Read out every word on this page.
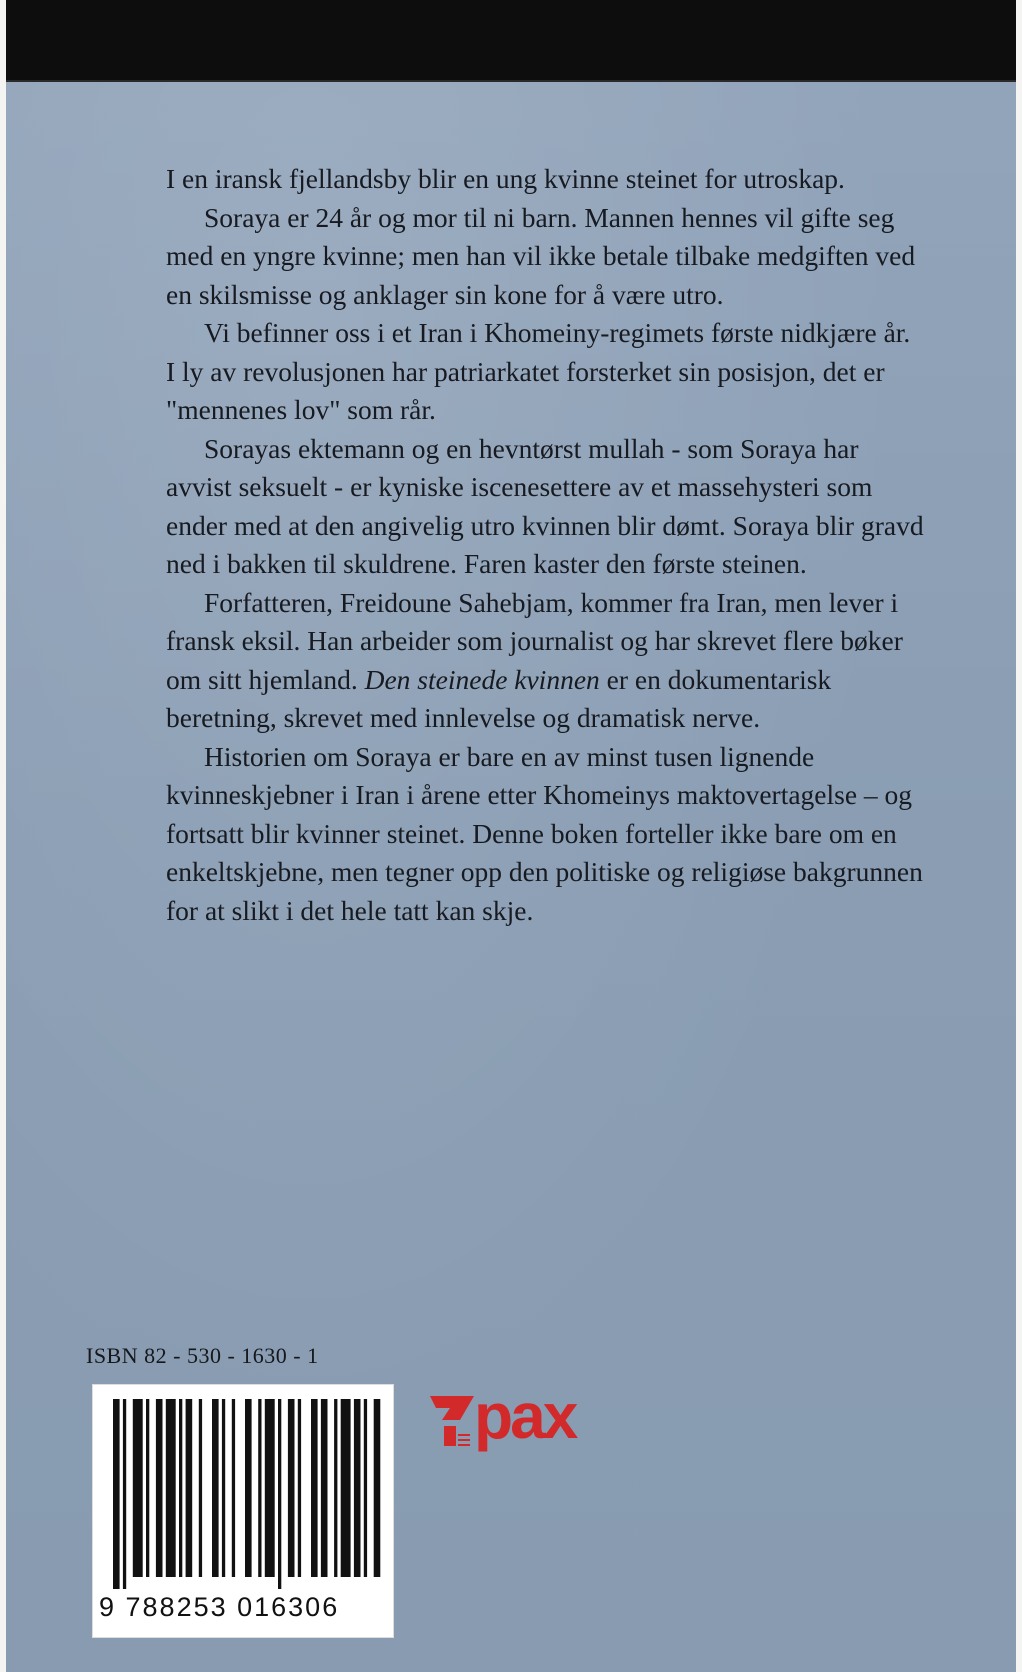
I en iransk fjellandsby blir en ung kvinne steinet for utroskap.

Soraya er 24 år og mor til ni barn. Mannen hennes vil gifte seg med en yngre kvinne; men han vil ikke betale tilbake medgiften ved en skilsmisse og anklager sin kone for å være utro.

Vi befinner oss i et Iran i Khomeiny-regimets første nidkjære år. I ly av revolusjonen har patriarkatet forsterket sin posisjon, det er "mennenes lov" som rår.

Sorayas ektemann og en hevntørst mullah - som Soraya har avvist seksuelt - er kyniske iscenesettere av et massehysteri som ender med at den angivelig utro kvinnen blir dømt. Soraya blir gravd ned i bakken til skuldrene. Faren kaster den første steinen.

Forfatteren, Freidoune Sahebjam, kommer fra Iran, men lever i fransk eksil. Han arbeider som journalist og har skrevet flere bøker om sitt hjemland. Den steinede kvinnen er en dokumentarisk beretning, skrevet med innlevelse og dramatisk nerve.

Historien om Soraya er bare en av minst tusen lignende kvinneskjebner i Iran i årene etter Khomeinys maktovertagelse – og fortsatt blir kvinner steinet. Denne boken forteller ikke bare om en enkeltskjebne, men tegner opp den politiske og religiøse bakgrunnen for at slikt i det hele tatt kan skje.

ISBN 82 - 530 - 1630 - 1
9 788253 016306
pax
